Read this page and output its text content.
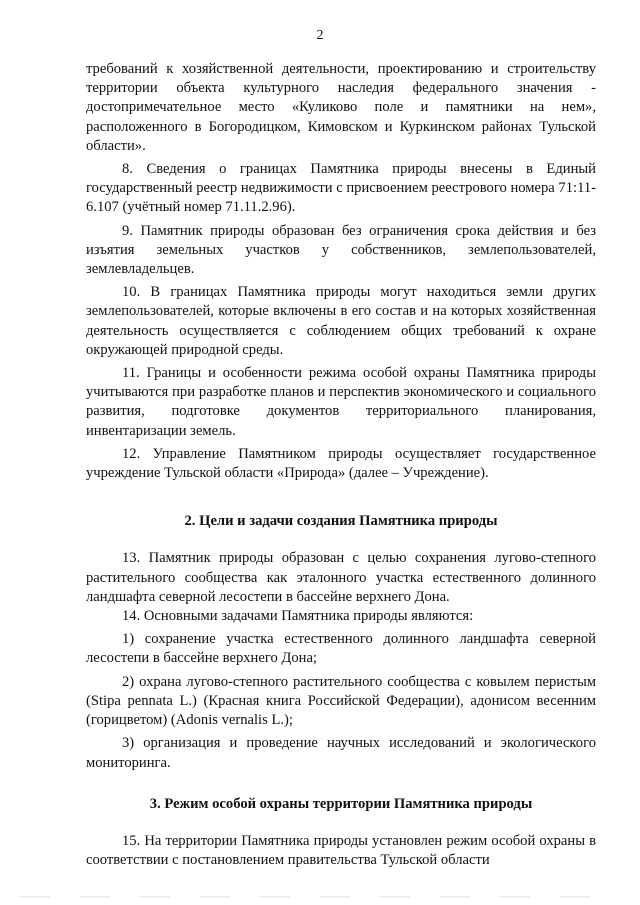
2

требований к хозяйственной деятельности, проектированию и строительству территории объекта культурного наследия федерального значения - достопримечательное место «Куликово поле и памятники на нем», расположенного в Богородицком, Кимовском и Куркинском районах Тульской области».

8. Сведения о границах Памятника природы внесены в Единый государственный реестр недвижимости с присвоением реестрового номера 71:11-6.107 (учётный номер 71.11.2.96).

9. Памятник природы образован без ограничения срока действия и без изъятия земельных участков у собственников, землепользователей, землевладельцев.

10. В границах Памятника природы могут находиться земли других землепользователей, которые включены в его состав и на которых хозяйственная деятельность осуществляется с соблюдением общих требований к охране окружающей природной среды.

11. Границы и особенности режима особой охраны Памятника природы учитываются при разработке планов и перспектив экономического и социального развития, подготовке документов территориального планирования, инвентаризации земель.

12. Управление Памятником природы осуществляет государственное учреждение Тульской области «Природа» (далее – Учреждение).

2. Цели и задачи создания Памятника природы

13. Памятник природы образован с целью сохранения лугово-степного растительного сообщества как эталонного участка естественного долинного ландшафта северной лесостепи в бассейне верхнего Дона.

14. Основными задачами Памятника природы являются:

1) сохранение участка естественного долинного ландшафта северной лесостепи в бассейне верхнего Дона;

2) охрана лугово-степного растительного сообщества с ковылем перистым (Stipa pennata L.) (Красная книга Российской Федерации), адонисом весенним (горицветом) (Adonis vernalis L.);

3) организация и проведение научных исследований и экологического мониторинга.

3. Режим особой охраны территории Памятника природы

15. На территории Памятника природы установлен режим особой охраны в соответствии с постановлением правительства Тульской области
